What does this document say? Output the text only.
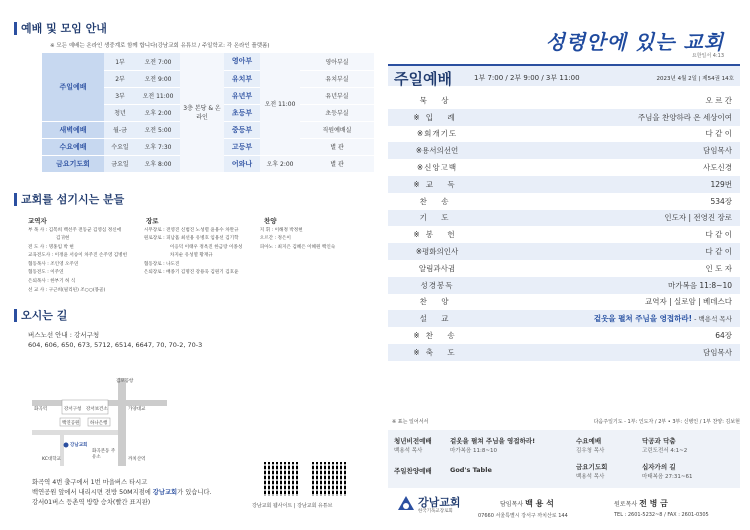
예배 및 모임 안내
※ 모든 예배는 온라인 생중계로 함께 합니다(강남교회 유튜브 / 주일학교: 각 온라인 플랫폼)
주일예배	1부	오전 7:00	3층 본당 & 온라인	영아부	오전 11:00	영아부실
	2부	오전 9:00		유치부		유치부실
	3부	오전 11:00		유년부		유년부실
	청년	오후 2:00		초등부		초등부실
새벽예배	월-금	오전 5:00		중등부		직원예배실
수요예배	수요일	오후 7:30		고등부		별 관
금요기도회	금요일	오후 8:00		어와나	오후 2:00	별 관
교회를 섬기시는 분들
교역자	장로	찬양
부 목 사 : 김복희 백선주 전동균 김영심 정신애
김귀현
전 도 사 : 명홍임 박 현
교육전도사 : 이정윤 서승이 차주진 손주영 김병헌
협동목사 : 조인영 오주연
협동전도 : 이주연
은퇴목사 : 한부기 허 식
선 교 사 : 구근희(필리핀) 조○○(몽골)
시무장로 : 전영진 신범진 노성렬 윤용수 차완규
원로장로 : 피남흡 최선용 유병호 임용선 김기학
이응덕 이태우 정옥진 한금랑 이종성
차지순 유성열 황재규
협동장로 : 나도진
은퇴장로 : 배종기 김명진 강용욱 김원기 김호윤
지 휘 : 이해정 박정현
오르간 : 정은이
피아노 : 최지은 김혜은 이혜원 백인숙
오시는 길
버스노선 안내 : 강서구청
604, 606, 650, 673, 5712, 6514, 6647, 70, 70-2, 70-3
김포공항
화곡역	강서구청 강서보건소	가양대교
백연공원 하나은행
강남교회
KC대학교
화곡본동 주유소	까치산역
화곡역 4번 출구에서 1번 마을버스 타시고
백연공원 앞에서 내리시면 전방 50M지점에 강남교회가 있습니다.
강서01버스 등촌역 방향 승차(빨간 표지판)	강남교회 웹사이트 | 강남교회 유튜브
성령안에 있는 교회
요한일서 4:13
주일예배	1부 7:00 / 2부 9:00 / 3부 11:00	2023년 4월 2일 | 제54권 14호
묵 상	오 르 간
※입 례	주님을 찬양하라 온 세상이여
※회개기도	다 같 이
※용서의선언	담임목사
※신앙고백	사도신경
※교 독	129번
찬 송	534장
기 도	인도자 | 전영진 장로
※봉 헌	다 같 이
※평화의인사	다 같 이
알림과사귐	인 도 자
성경봉독	마가복음 11:8~10
찬 양	교역자 | 실로암 | 베데스다
설 교	겉옷을 펼쳐 주님을 영접하라! - 백용석 목사
※찬 송	64장
※축 도	담임목사
※ 표는 일어서서	다음주일기도 - 1부: 인도자 / 2부 • 3부: 신병인 / 1부 찬양: 김보현
청년비전예배
백용석 목사
겉옷을 펼쳐 주님을 영접하라!
마가복음 11:8~10
수요예배
김우청 목사
닥공과 닥춤
고린도전서 4:1~2
주일찬양예배	God's Table	금요기도회
백용석 목사
십자가의 길
마태복음 27:31~61
강남교회
한국기독교장로회
담임목사 백 용 석	원로목사 전 병 금
07660 서울특별시 강서구 까치산로 144	TEL : 2601-5232~8 / FAX : 2601-0305
